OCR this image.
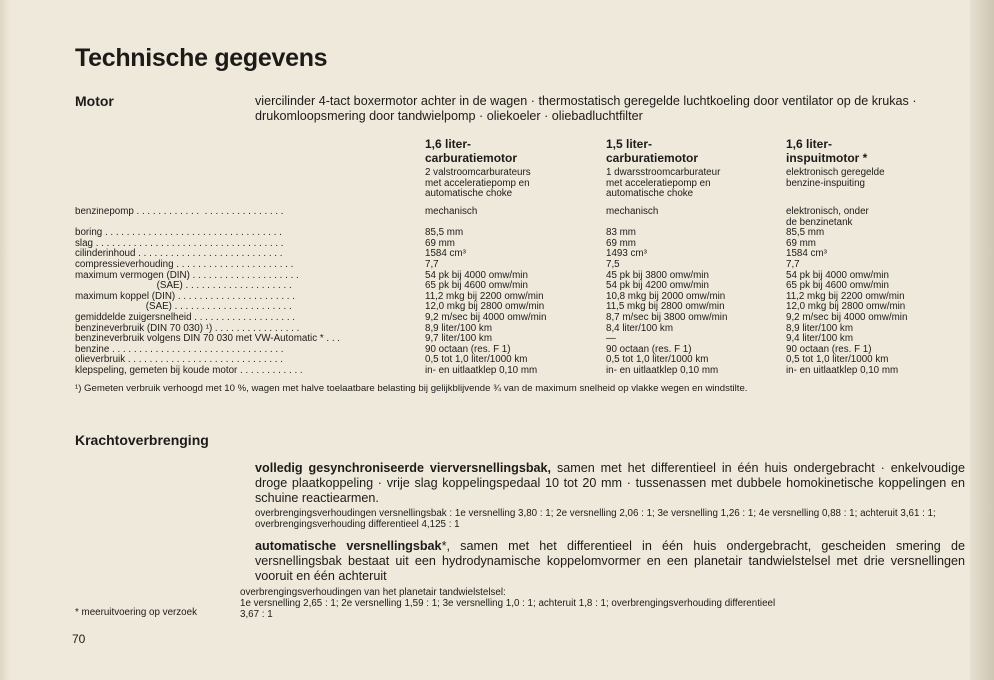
Technische gegevens
Motor	viercilinder 4-tact boxermotor achter in de wagen · thermostatisch geregelde luchtkoeling door ventilator op de krukas · drukomloopsmering door tandwielpomp · oliekoeler · oliebadluchtfilter
1,6 liter-
carburatiemotor
2 valstroomcarburateurs
met acceleratiepomp en
automatische choke
1,5 liter-
carburatiemotor
1 dwarsstroomcarburateur
met acceleratiepomp en
automatische choke
1,6 liter-
inspuitmotor *
elektronisch geregelde
benzine-inspuiting
benzinepomp . . . . . . . . . . . .  . . . . . . . . . . . . . . .
boring . . . . . . . . . . . . . . . . . . . . . . . . . . . . . . . . .
slag . . . . . . . . . . . . . . . . . . . . . . . . . . . . . . . . . . .
cilinderinhoud . . . . . . . . . . . . . . . . . . . . . . . . . . .
compressieverhouding . . . . . . . . . . . . . . . . . . . . . .
maximum vermogen (DIN) . . . . . . . . . . . . . . . . . . . .
(SAE) . . . . . . . . . . . . . . . . . . . .
maximum koppel (DIN) . . . . . . . . . . . . . . . . . . . . . .
(SAE) . . . . . . . . . . . . . . . . . . . . . .
gemiddelde zuigersnelheid . . . . . . . . . . . . . . . . . . .
benzineverbruik (DIN 70 030) ¹) . . . . . . . . . . . . . . . .
benzineverbruik volgens DIN 70 030 met VW-Automatic * . . .
benzine . . . . . . . . . . . . . . . . . . . . . . . . . . . . . . . .
olieverbruik . . . . . . . . . . . . . . . . . . . . . . . . . . . . .
klepspeling, gemeten bij koude motor . . . . . . . . . . . .
mechanisch
85,5 mm
69 mm
1584 cm³
7,7
54 pk bij 4000 omw/min
65 pk bij 4600 omw/min
11,2 mkg bij 2200 omw/min
12,0 mkg bij 2800 omw/min
9,2 m/sec bij 4000 omw/min
8,9 liter/100 km
9,7 liter/100 km
90 octaan (res. F 1)
0,5 tot 1,0 liter/1000 km
in- en uitlaatklep 0,10 mm
mechanisch
83 mm
69 mm
1493 cm³
7,5
45 pk bij 3800 omw/min
54 pk bij 4200 omw/min
10,8 mkg bij 2000 omw/min
11,5 mkg bij 2800 omw/min
8,7 m/sec bij 3800 omw/min
8,4 liter/100 km
—
90 octaan (res. F 1)
0,5 tot 1,0 liter/1000 km
in- en uitlaatklep 0,10 mm
elektronisch, onder
de benzinetank
85,5 mm
69 mm
1584 cm³
7,7
54 pk bij 4000 omw/min
65 pk bij 4600 omw/min
11,2 mkg bij 2200 omw/min
12,0 mkg bij 2800 omw/min
9,2 m/sec bij 4000 omw/min
8,9 liter/100 km
9,4 liter/100 km
90 octaan (res. F 1)
0,5 tot 1,0 liter/1000 km
in- en uitlaatklep 0,10 mm
¹) Gemeten verbruik verhoogd met 10 %, wagen met halve toelaatbare belasting bij gelijkblijvende ¾ van de maximum snelheid op vlakke wegen en windstilte.
Krachtoverbrenging
volledig gesynchroniseerde vierversnellingsbak, samen met het differentieel in één huis ondergebracht · enkelvoudige droge plaatkoppeling · vrije slag koppelingspedaal 10 tot 20 mm · tussenassen met dubbele homokinetische koppelingen en schuine reactiearmen.
overbrengingsverhoudingen versnellingsbak : 1e versnelling 3,80 : 1; 2e versnelling 2,06 : 1; 3e versnelling 1,26 : 1; 4e versnelling 0,88 : 1; achteruit 3,61 : 1; overbrengingsverhouding differentieel 4,125 : 1
automatische versnellingsbak*, samen met het differentieel in één huis ondergebracht, gescheiden smering de versnellingsbak bestaat uit een hydrodynamische koppelomvormer en een planetair tandwielstelsel met drie versnellingen vooruit en één achteruit
overbrengingsverhoudingen van het planetair tandwielstelsel:
1e versnelling 2,65 : 1; 2e versnelling 1,59 : 1; 3e versnelling 1,0 : 1; achteruit 1,8 : 1; overbrengingsverhouding differentieel
3,67 : 1
* meeruitvoering op verzoek
70
